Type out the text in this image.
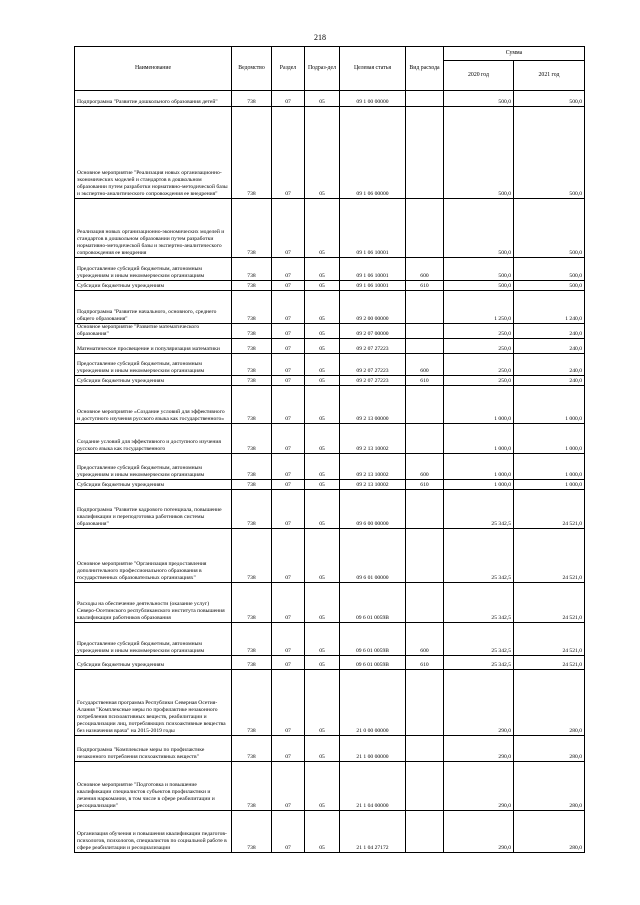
218
Наименование	Ведомство	Раздел	Подраз-дел	Целевая статья	Вид расхода	Сумма	
						2020 год	2021 год
Подпрограмма "Развитие дошкольного образования детей"	738	07	05	09 1 00 00000		500,0	500,0
Основное мероприятие "Реализация новых организационно-экономических моделей и стандартов в дошкольном образовании путем разработки нормативно-методической базы и экспертно-аналитического сопровождения ее внедрения"	738	07	05	09 1 06 00000		500,0	500,0
Реализация новых организационно-экономических моделей и стандартов в дошкольном образовании путем разработки нормативно-методической базы и экспертно-аналитического сопровождения ее внедрения	738	07	05	09 1 06 10001		500,0	500,0
Предоставление субсидий бюджетным, автономным учреждениям и иным некоммерческим организациям	738	07	05	09 1 06 10001	600	500,0	500,0
Субсидии бюджетным учреждениям	738	07	05	09 1 06 10001	610	500,0	500,0
Подпрограмма "Развитие начального, основного, среднего общего образования"	738	07	05	09 2 00 00000		1 250,0	1 240,0
Основное мероприятие "Развитие математического образования"	738	07	05	09 2 07 00000		250,0	240,0
Математическое просвещение и популяризация математики	738	07	05	09 2 07 27223		250,0	240,0
Предоставление субсидий бюджетным, автономным учреждениям и иным некоммерческим организациям	738	07	05	09 2 07 27223	600	250,0	240,0
Субсидии бюджетным учреждениям	738	07	05	09 2 07 27223	610	250,0	240,0
Основное мероприятие «Создание условий для эффективного и доступного изучения русского языка как государственного»	738	07	05	09 2 13 00000		1 000,0	1 000,0
Создание условий для эффективного и доступного изучения русского языка как государственного	738	07	05	09 2 13 10002		1 000,0	1 000,0
Предоставление субсидий бюджетным, автономным учреждениям и иным некоммерческим организациям	738	07	05	09 2 13 10002	600	1 000,0	1 000,0
Субсидии бюджетным учреждениям	738	07	05	09 2 13 10002	610	1 000,0	1 000,0
Подпрограмма "Развитие кадрового потенциала, повышение квалификации и переподготовка работников системы образования"	738	07	05	09 6 00 00000		25 342,5	24 521,0
Основное мероприятие "Организация предоставления дополнительного профессионального образования в государственных образовательных организациях"	738	07	05	09 6 01 00000		25 342,5	24 521,0
Расходы на обеспечение деятельности (оказание услуг) Северо-Осетинского республиканского института повышения квалификации работников образования	738	07	05	09 6 01 0059В		25 342,5	24 521,0
Предоставление субсидий бюджетным, автономным учреждениям и иным некоммерческим организациям	738	07	05	09 6 01 0059В	600	25 342,5	24 521,0
Субсидии бюджетным учреждениям	738	07	05	09 6 01 0059В	610	25 342,5	24 521,0
Государственная программа Республики Северная Осетия-Алания "Комплексные меры по профилактике незаконного потребления психоактивных веществ, реабилитации и ресоциализации лиц, потребляющих психоактивные вещества без назначения врача" на 2015-2019 годы	738	07	05	21 0 00 00000		290,0	280,0
Подпрограмма "Комплексные меры по профилактике незаконного потребления психоактивных веществ"	738	07	05	21 1 00 00000		290,0	280,0
Основное мероприятие "Подготовка и повышение квалификации специалистов субъектов профилактики и лечения наркомании, в том числе в сфере реабилитации и ресоциализации"	738	07	05	21 1 04 00000		290,0	280,0
Организация обучения и повышения квалификации педагогов-психологов, психологов, специалистов по социальной работе в сфере реабилитации и ресоциализации	738	07	05	21 1 04 27172		290,0	280,0
